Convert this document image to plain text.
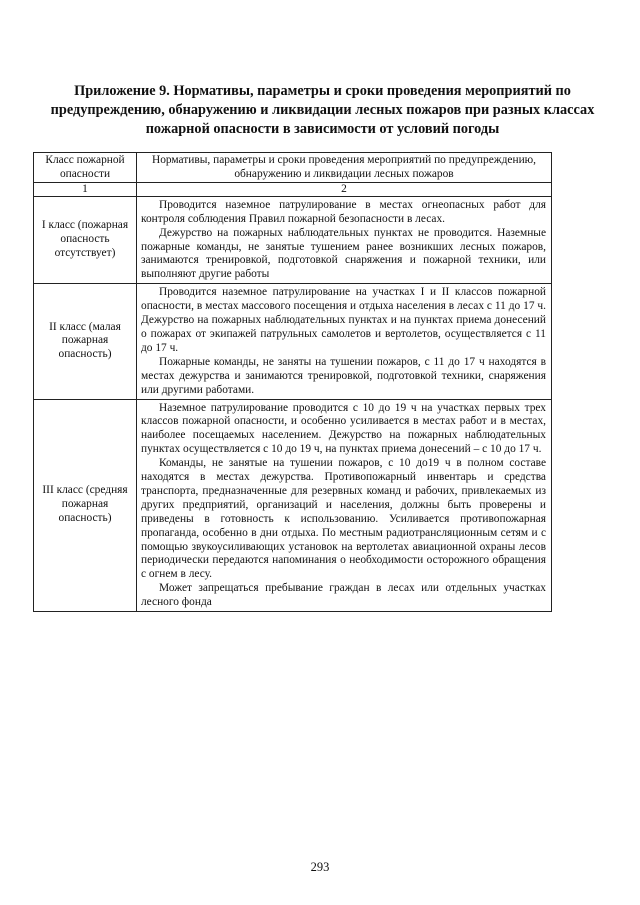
Приложение 9. Нормативы, параметры и сроки проведения мероприятий по предупреждению, обнаружению и ликвидации лесных пожаров при разных классах пожарной опасности в зависимости от условий погоды
Класс пожарной опасности	Нормативы, параметры и сроки проведения мероприятий по предупреждению, обнаружению и ликвидации лесных пожаров
1	2
I класс (пожарная опасность отсутствует)	Проводится наземное патрулирование в местах огнеопасных работ для контроля соблюдения Правил пожарной безопасности в лесах.

Дежурство на пожарных наблюдательных пунктах не проводится. Наземные пожарные команды, не занятые тушением ранее возникших лесных пожаров, занимаются тренировкой, подготовкой снаряжения и пожарной техники, или выполняют другие работы

II класс (малая пожарная опасность)	Проводится наземное патрулирование на участках I и II классов пожарной опасности, в местах массового посещения и отдыха населения в лесах с 11 до 17 ч. Дежурство на пожарных наблюдательных пунктах и на пунктах приема донесений о пожарах от экипажей патрульных самолетов и вертолетов, осуществляется с 11 до 17 ч.

Пожарные команды, не заняты на тушении пожаров, с 11 до 17 ч находятся в местах дежурства и занимаются тренировкой, подготовкой техники, снаряжения или другими работами.

III класс (средняя пожарная опасность)	Наземное патрулирование проводится с 10 до 19 ч на участках первых трех классов пожарной опасности, и особенно усиливается в местах работ и в местах, наиболее посещаемых населением. Дежурство на пожарных наблюдательных пунктах осуществляется с 10 до 19 ч, на пунктах приема донесений – с 10 до 17 ч.

Команды, не занятые на тушении пожаров, с 10 до19 ч в полном составе находятся в местах дежурства. Противопожарный инвентарь и средства транспорта, предназначенные для резервных команд и рабочих, привлекаемых из других предприятий, организаций и населения, должны быть проверены и приведены в готовность к использованию. Усиливается противопожарная пропаганда, особенно в дни отдыха. По местным радиотрансляционным сетям и с помощью звукоусиливающих установок на вертолетах авиационной охраны лесов периодически передаются напоминания о необходимости осторожного обращения с огнем в лесу.

Может запрещаться пребывание граждан в лесах или отдельных участках лесного фонда

293
